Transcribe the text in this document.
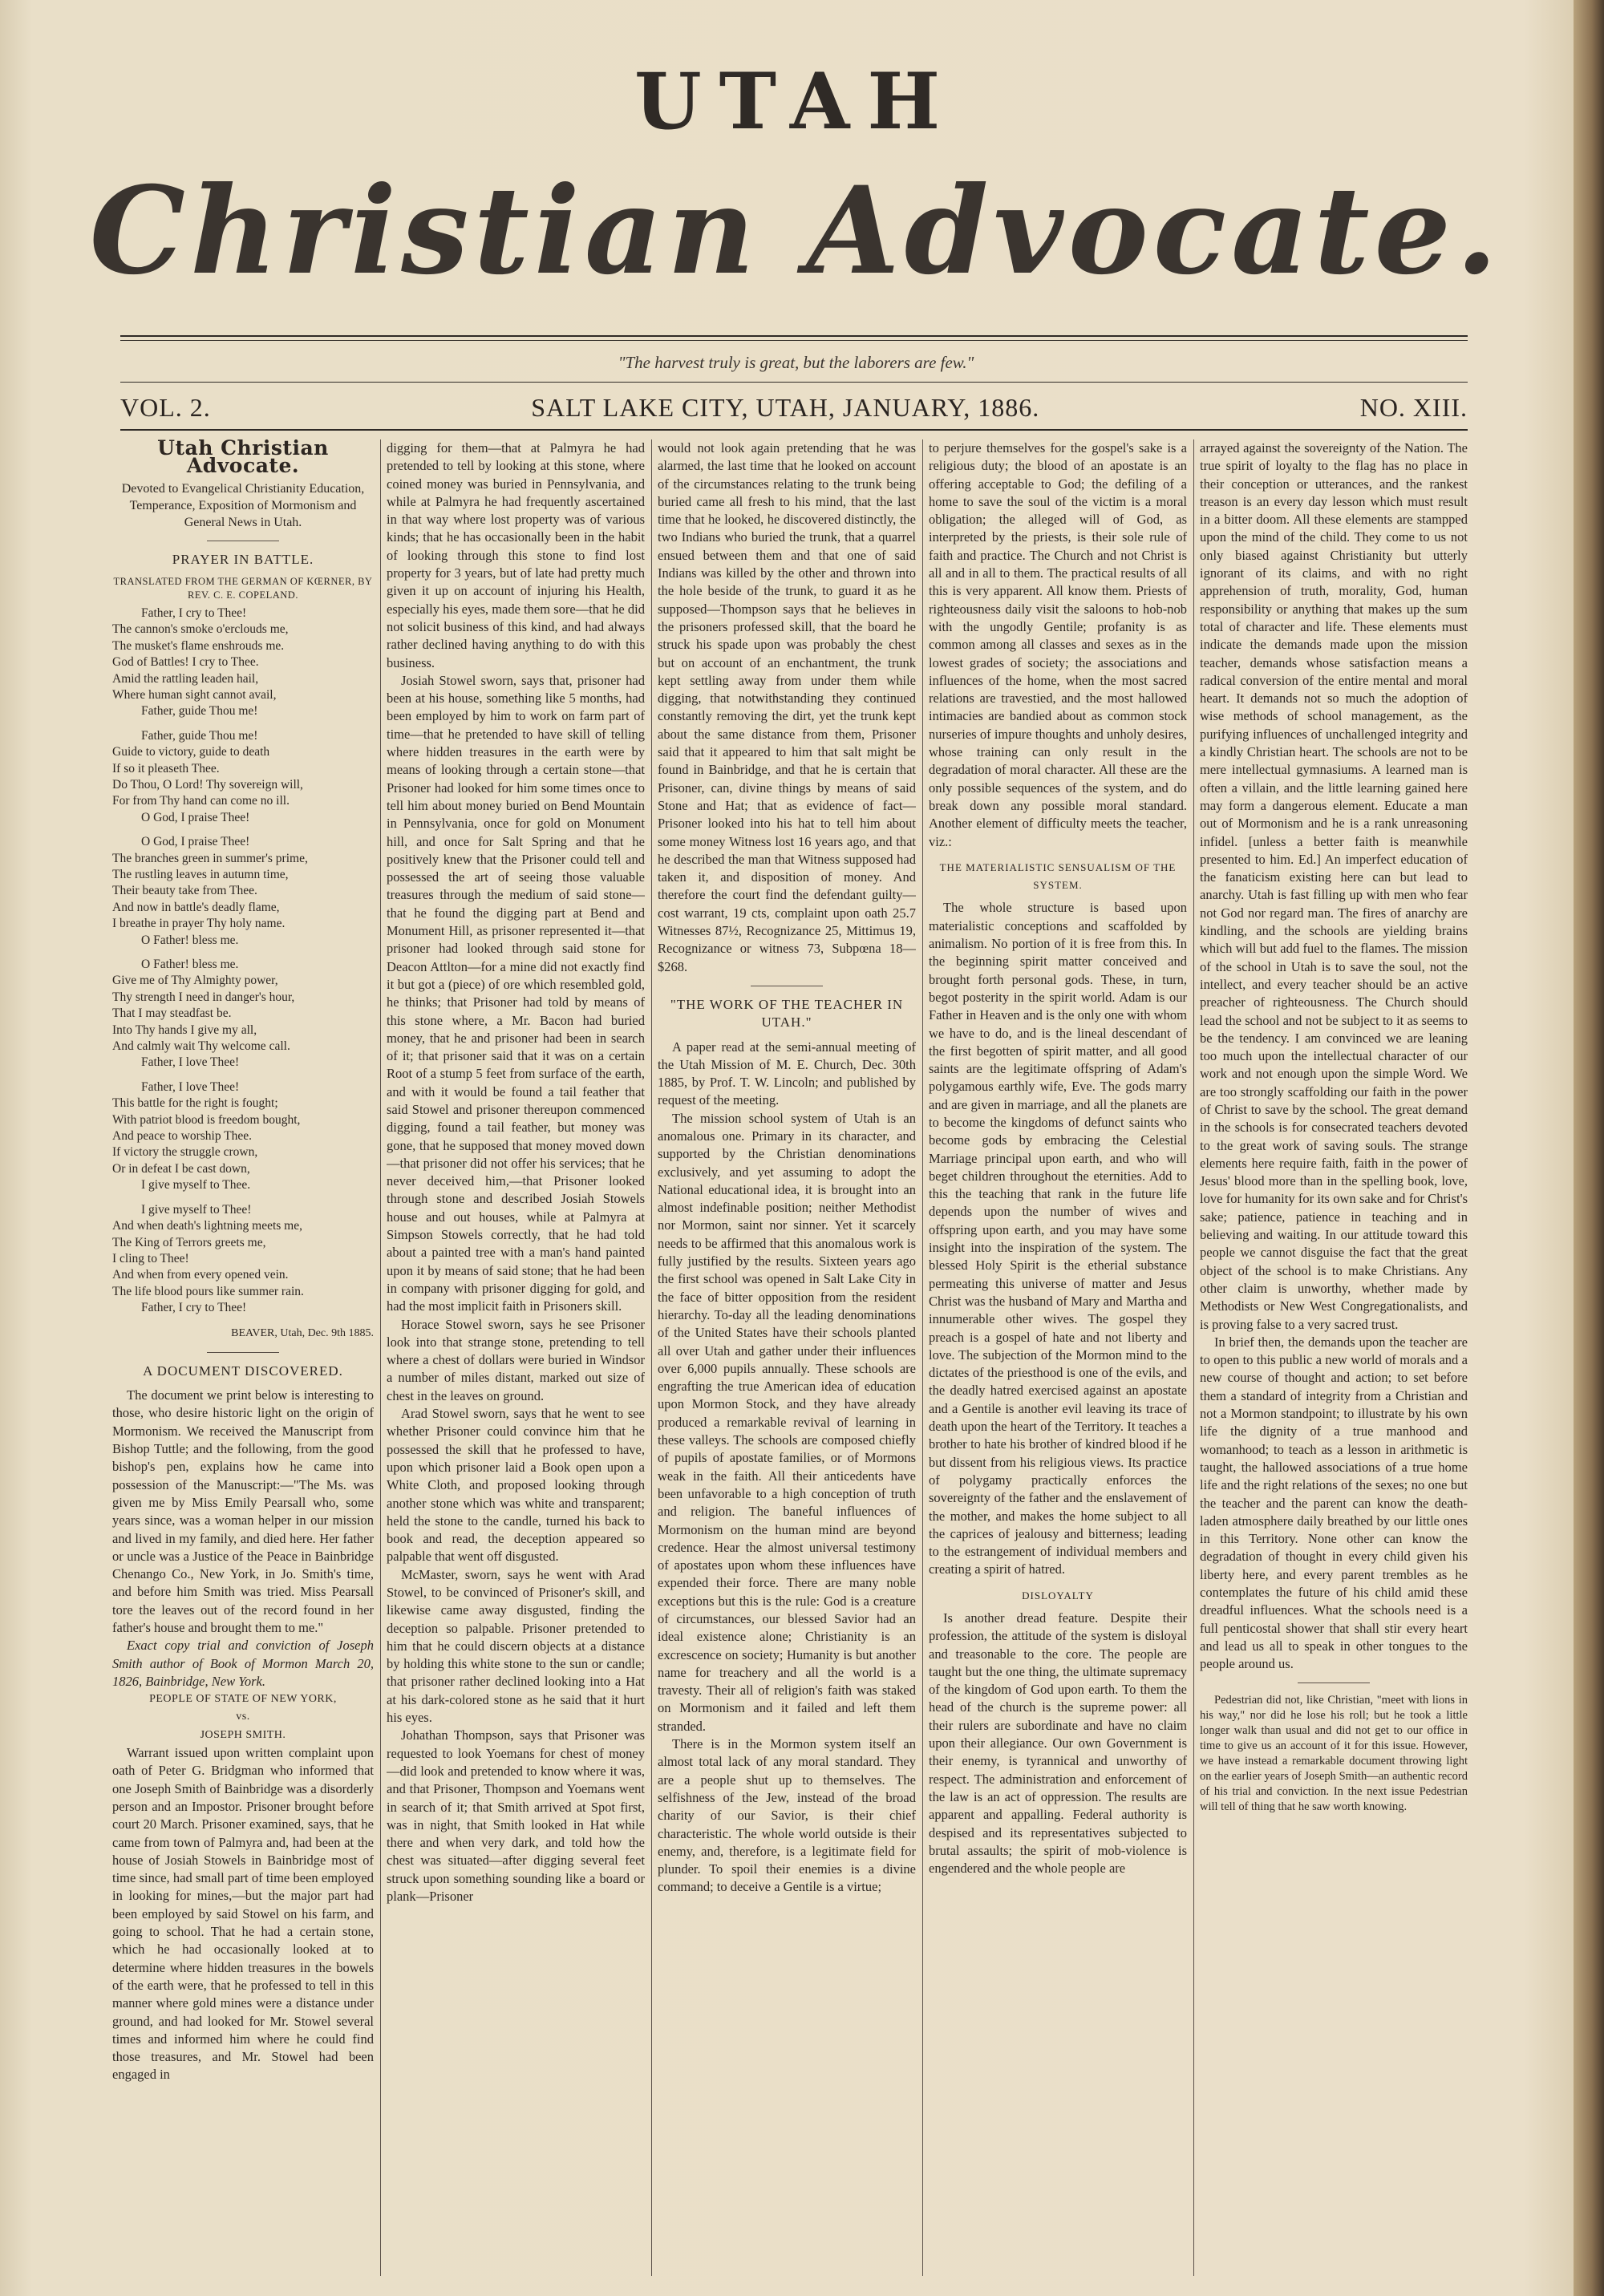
UTAH
Christian Advocate.
"The harvest truly is great, but the laborers are few."
VOL. 2.	SALT LAKE CITY, UTAH, JANUARY, 1886.	NO. XIII.
Utah Christian Advocate.
Devoted to Evangelical Christianity Education, Temperance, Exposition of Mormonism and General News in Utah.
PRAYER IN BATTLE.
TRANSLATED FROM THE GERMAN OF KŒRNER, BY REV. C. E. COPELAND.
Father, I cry to Thee!
The cannon's smoke o'erclouds me,
The musket's flame enshrouds me.
God of Battles! I cry to Thee.
Amid the rattling leaden hail,
Where human sight cannot avail,
Father, guide Thou me!
Father, guide Thou me!
Guide to victory, guide to death
If so it pleaseth Thee.
Do Thou, O Lord! Thy sovereign will,
For from Thy hand can come no ill.
O God, I praise Thee!
O God, I praise Thee!
The branches green in summer's prime,
The rustling leaves in autumn time,
Their beauty take from Thee.
And now in battle's deadly flame,
I breathe in prayer Thy holy name.
O Father! bless me.
O Father! bless me.
Give me of Thy Almighty power,
Thy strength I need in danger's hour,
That I may steadfast be.
Into Thy hands I give my all,
And calmly wait Thy welcome call.
Father, I love Thee!
Father, I love Thee!
This battle for the right is fought;
With patriot blood is freedom bought,
And peace to worship Thee.
If victory the struggle crown,
Or in defeat I be cast down,
I give myself to Thee.
I give myself to Thee!
And when death's lightning meets me,
The King of Terrors greets me,
I cling to Thee!
And when from every opened vein.
The life blood pours like summer rain.
Father, I cry to Thee!
BEAVER, Utah, Dec. 9th 1885.
A DOCUMENT DISCOVERED.

The document we print below is interesting to those, who desire historic light on the origin of Mormonism. We received the Manuscript from Bishop Tuttle; and the following, from the good bishop's pen, explains how he came into possession of the Manuscript:—"The Ms. was given me by Miss Emily Pearsall who, some years since, was a woman helper in our mission and lived in my family, and died here. Her father or uncle was a Justice of the Peace in Bainbridge Chenango Co., New York, in Jo. Smith's time, and before him Smith was tried. Miss Pearsall tore the leaves out of the record found in her father's house and brought them to me."

Exact copy trial and conviction of Joseph Smith author of Book of Mormon March 20, 1826, Bainbridge, New York.

PEOPLE OF STATE OF NEW YORK,
vs.
JOSEPH SMITH.

Warrant issued upon written complaint upon oath of Peter G. Bridgman who informed that one Joseph Smith of Bainbridge was a disorderly person and an Impostor. Prisoner brought before court 20 March. Prisoner examined, says, that he came from town of Palmyra and, had been at the house of Josiah Stowels in Bainbridge most of time since, had small part of time been employed in looking for mines,—but the major part had been employed by said Stowel on his farm, and going to school. That he had a certain stone, which he had occasionally looked at to determine where hidden treasures in the bowels of the earth were, that he professed to tell in this manner where gold mines were a distance under ground, and had looked for Mr. Stowel several times and informed him where he could find those treasures, and Mr. Stowel had been engaged in

digging for them—that at Palmyra he had pretended to tell by looking at this stone, where coined money was buried in Pennsylvania, and while at Palmyra he had frequently ascertained in that way where lost property was of various kinds; that he has occasionally been in the habit of looking through this stone to find lost property for 3 years, but of late had pretty much given it up on account of injuring his Health, especially his eyes, made them sore—that he did not solicit business of this kind, and had always rather declined having anything to do with this business.

Josiah Stowel sworn, says that, prisoner had been at his house, something like 5 months, had been employed by him to work on farm part of time—that he pretended to have skill of telling where hidden treasures in the earth were by means of looking through a certain stone—that Prisoner had looked for him some times once to tell him about money buried on Bend Mountain in Pennsylvania, once for gold on Monument hill, and once for Salt Spring and that he positively knew that the Prisoner could tell and possessed the art of seeing those valuable treasures through the medium of said stone—that he found the digging part at Bend and Monument Hill, as prisoner represented it—that prisoner had looked through said stone for Deacon Attlton—for a mine did not exactly find it but got a (piece) of ore which resembled gold, he thinks; that Prisoner had told by means of this stone where, a Mr. Bacon had buried money, that he and prisoner had been in search of it; that prisoner said that it was on a certain Root of a stump 5 feet from surface of the earth, and with it would be found a tail feather that said Stowel and prisoner thereupon commenced digging, found a tail feather, but money was gone, that he supposed that money moved down—that prisoner did not offer his services; that he never deceived him,—that Prisoner looked through stone and described Josiah Stowels house and out houses, while at Palmyra at Simpson Stowels correctly, that he had told about a painted tree with a man's hand painted upon it by means of said stone; that he had been in company with prisoner digging for gold, and had the most implicit faith in Prisoners skill.

Horace Stowel sworn, says he see Prisoner look into that strange stone, pretending to tell where a chest of dollars were buried in Windsor a number of miles distant, marked out size of chest in the leaves on ground.

Arad Stowel sworn, says that he went to see whether Prisoner could convince him that he possessed the skill that he professed to have, upon which prisoner laid a Book open upon a White Cloth, and proposed looking through another stone which was white and transparent; held the stone to the candle, turned his back to book and read, the deception appeared so palpable that went off disgusted.

McMaster, sworn, says he went with Arad Stowel, to be convinced of Prisoner's skill, and likewise came away disgusted, finding the deception so palpable. Prisoner pretended to him that he could discern objects at a distance by holding this white stone to the sun or candle; that prisoner rather declined looking into a Hat at his dark-colored stone as he said that it hurt his eyes.

Johathan Thompson, says that Prisoner was requested to look Yoemans for chest of money—did look and pretended to know where it was, and that Prisoner, Thompson and Yoemans went in search of it; that Smith arrived at Spot first, was in night, that Smith looked in Hat while there and when very dark, and told how the chest was situated—after digging several feet struck upon something sounding like a board or plank—Prisoner

would not look again pretending that he was alarmed, the last time that he looked on account of the circumstances relating to the trunk being buried came all fresh to his mind, that the last time that he looked, he discovered distinctly, the two Indians who buried the trunk, that a quarrel ensued between them and that one of said Indians was killed by the other and thrown into the hole beside of the trunk, to guard it as he supposed—Thompson says that he believes in the prisoners professed skill, that the board he struck his spade upon was probably the chest but on account of an enchantment, the trunk kept settling away from under them while digging, that notwithstanding they continued constantly removing the dirt, yet the trunk kept about the same distance from them, Prisoner said that it appeared to him that salt might be found in Bainbridge, and that he is certain that Prisoner, can, divine things by means of said Stone and Hat; that as evidence of fact—Prisoner looked into his hat to tell him about some money Witness lost 16 years ago, and that he described the man that Witness supposed had taken it, and disposition of money. And therefore the court find the defendant guilty—cost warrant, 19 cts, complaint upon oath 25.7 Witnesses 87½, Recognizance 25, Mittimus 19, Recognizance or witness 73, Subpœna 18—$268.

"THE WORK OF THE TEACHER IN UTAH."

A paper read at the semi-annual meeting of the Utah Mission of M. E. Church, Dec. 30th 1885, by Prof. T. W. Lincoln; and published by request of the meeting.

The mission school system of Utah is an anomalous one. Primary in its character, and supported by the Christian denominations exclusively, and yet assuming to adopt the National educational idea, it is brought into an almost indefinable position; neither Methodist nor Mormon, saint nor sinner. Yet it scarcely needs to be affirmed that this anomalous work is fully justified by the results. Sixteen years ago the first school was opened in Salt Lake City in the face of bitter opposition from the resident hierarchy. To-day all the leading denominations of the United States have their schools planted all over Utah and gather under their influences over 6,000 pupils annually. These schools are engrafting the true American idea of education upon Mormon Stock, and they have already produced a remarkable revival of learning in these valleys. The schools are composed chiefly of pupils of apostate families, or of Mormons weak in the faith. All their anticedents have been unfavorable to a high conception of truth and religion. The baneful influences of Mormonism on the human mind are beyond credence. Hear the almost universal testimony of apostates upon whom these influences have expended their force. There are many noble exceptions but this is the rule: God is a creature of circumstances, our blessed Savior had an ideal existence alone; Christianity is an excrescence on society; Humanity is but another name for treachery and all the world is a travesty. Their all of religion's faith was staked on Mormonism and it failed and left them stranded.

There is in the Mormon system itself an almost total lack of any moral standard. They are a people shut up to themselves. The selfishness of the Jew, instead of the broad charity of our Savior, is their chief characteristic. The whole world outside is their enemy, and, therefore, is a legitimate field for plunder. To spoil their enemies is a divine command; to deceive a Gentile is a virtue;

to perjure themselves for the gospel's sake is a religious duty; the blood of an apostate is an offering acceptable to God; the defiling of a home to save the soul of the victim is a moral obligation; the alleged will of God, as interpreted by the priests, is their sole rule of faith and practice. The Church and not Christ is all and in all to them. The practical results of all this is very apparent. All know them. Priests of righteousness daily visit the saloons to hob-nob with the ungodly Gentile; profanity is as common among all classes and sexes as in the lowest grades of society; the associations and influences of the home, when the most sacred relations are travestied, and the most hallowed intimacies are bandied about as common stock nurseries of impure thoughts and unholy desires, whose training can only result in the degradation of moral character. All these are the only possible sequences of the system, and do break down any possible moral standard. Another element of difficulty meets the teacher, viz.:

THE MATERIALISTIC SENSUALISM OF THE SYSTEM.

The whole structure is based upon materialistic conceptions and scaffolded by animalism. No portion of it is free from this. In the beginning spirit matter conceived and brought forth personal gods. These, in turn, begot posterity in the spirit world. Adam is our Father in Heaven and is the only one with whom we have to do, and is the lineal descendant of the first begotten of spirit matter, and all good saints are the legitimate offspring of Adam's polygamous earthly wife, Eve. The gods marry and are given in marriage, and all the planets are to become the kingdoms of defunct saints who become gods by embracing the Celestial Marriage principal upon earth, and who will beget children throughout the eternities. Add to this the teaching that rank in the future life depends upon the number of wives and offspring upon earth, and you may have some insight into the inspiration of the system. The blessed Holy Spirit is the etherial substance permeating this universe of matter and Jesus Christ was the husband of Mary and Martha and innumerable other wives. The gospel they preach is a gospel of hate and not liberty and love. The subjection of the Mormon mind to the dictates of the priesthood is one of the evils, and the deadly hatred exercised against an apostate and a Gentile is another evil leaving its trace of death upon the heart of the Territory. It teaches a brother to hate his brother of kindred blood if he but dissent from his religious views. Its practice of polygamy practically enforces the sovereignty of the father and the enslavement of the mother, and makes the home subject to all the caprices of jealousy and bitterness; leading to the estrangement of individual members and creating a spirit of hatred.

DISLOYALTY

Is another dread feature. Despite their profession, the attitude of the system is disloyal and treasonable to the core. The people are taught but the one thing, the ultimate supremacy of the kingdom of God upon earth. To them the head of the church is the supreme power: all their rulers are subordinate and have no claim upon their allegiance. Our own Government is their enemy, is tyrannical and unworthy of respect. The administration and enforcement of the law is an act of oppression. The results are apparent and appalling. Federal authority is despised and its representatives subjected to brutal assaults; the spirit of mob-violence is engendered and the whole people are

arrayed against the sovereignty of the Nation. The true spirit of loyalty to the flag has no place in their conception or utterances, and the rankest treason is an every day lesson which must result in a bitter doom. All these elements are stampped upon the mind of the child. They come to us not only biased against Christianity but utterly ignorant of its claims, and with no right apprehension of truth, morality, God, human responsibility or anything that makes up the sum total of character and life. These elements must indicate the demands made upon the mission teacher, demands whose satisfaction means a radical conversion of the entire mental and moral heart. It demands not so much the adoption of wise methods of school management, as the purifying influences of unchallenged integrity and a kindly Christian heart. The schools are not to be mere intellectual gymnasiums. A learned man is often a villain, and the little learning gained here may form a dangerous element. Educate a man out of Mormonism and he is a rank unreasoning infidel. [unless a better faith is meanwhile presented to him. Ed.] An imperfect education of the fanaticism existing here can but lead to anarchy. Utah is fast filling up with men who fear not God nor regard man. The fires of anarchy are kindling, and the schools are yielding brains which will but add fuel to the flames. The mission of the school in Utah is to save the soul, not the intellect, and every teacher should be an active preacher of righteousness. The Church should lead the school and not be subject to it as seems to be the tendency. I am convinced we are leaning too much upon the intellectual character of our work and not enough upon the simple Word. We are too strongly scaffolding our faith in the power of Christ to save by the school. The great demand in the schools is for consecrated teachers devoted to the great work of saving souls. The strange elements here require faith, faith in the power of Jesus' blood more than in the spelling book, love, love for humanity for its own sake and for Christ's sake; patience, patience in teaching and in believing and waiting. In our attitude toward this people we cannot disguise the fact that the great object of the school is to make Christians. Any other claim is unworthy, whether made by Methodists or New West Congregationalists, and is proving false to a very sacred trust.

In brief then, the demands upon the teacher are to open to this public a new world of morals and a new course of thought and action; to set before them a standard of integrity from a Christian and not a Mormon standpoint; to illustrate by his own life the dignity of a true manhood and womanhood; to teach as a lesson in arithmetic is taught, the hallowed associations of a true home life and the right relations of the sexes; no one but the teacher and the parent can know the death-laden atmosphere daily breathed by our little ones in this Territory. None other can know the degradation of thought in every child given his liberty here, and every parent trembles as he contemplates the future of his child amid these dreadful influences. What the schools need is a full penticostal shower that shall stir every heart and lead us all to speak in other tongues to the people around us.

Pedestrian did not, like Christian, "meet with lions in his way," nor did he lose his roll; but he took a little longer walk than usual and did not get to our office in time to give us an account of it for this issue. However, we have instead a remarkable document throwing light on the earlier years of Joseph Smith—an authentic record of his trial and conviction. In the next issue Pedestrian will tell of thing that he saw worth knowing.
